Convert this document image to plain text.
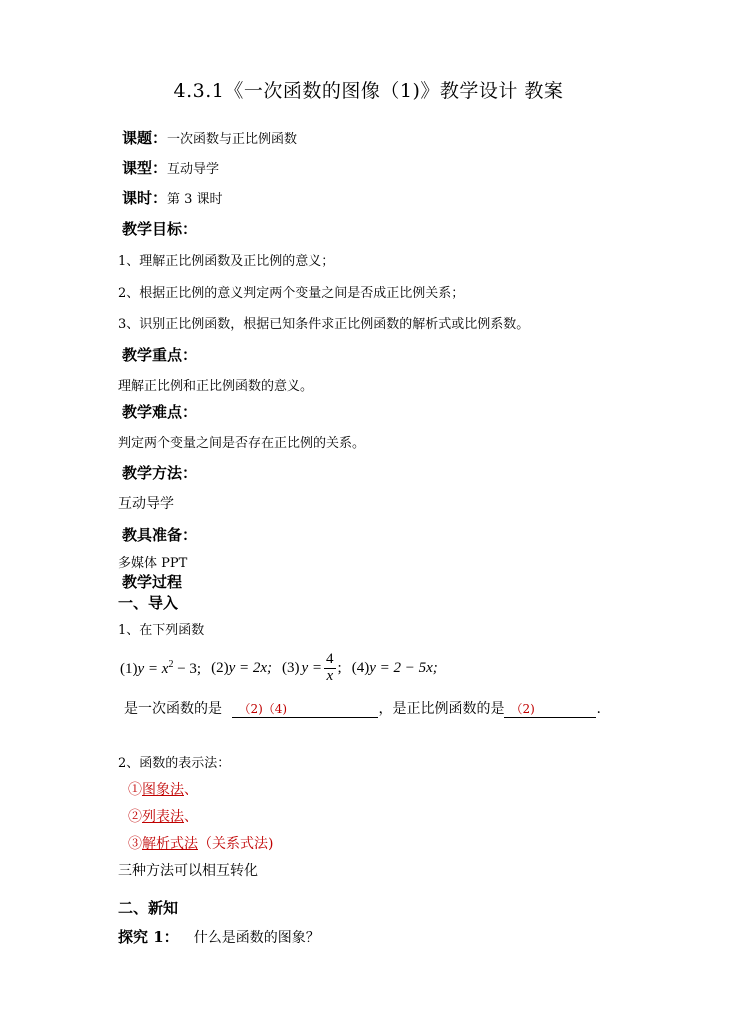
4.3.1《一次函数的图像（1)》教学设计 教案
课题：一次函数与正比例函数
课型：互动导学
课时：第 3 课时
教学目标：
1、理解正比例函数及正比例的意义；
2、根据正比例的意义判定两个变量之间是否成正比例关系；
3、识别正比例函数，根据已知条件求正比例函数的解析式或比例系数。
教学重点：
理解正比例和正比例函数的意义。
教学难点：
判定两个变量之间是否存在正比例的关系。
教学方法：
互动导学
教具准备：
多媒体 PPT
教学过程
一、导入
1、在下列函数
$(1)y = x^2 - 3$; (2)y = 2x; (3) $y = \frac{4}{x}$ ; (4)y = 2 − 5x;
是一次函数的是 （2)（4)	，是正比例函数的是 （2)	.
2、函数的表示法：
①图象法、
②列表法、
③解析式法（关系式法)
三种方法可以相互转化
二、新知
探究 1： 什么是函数的图象？
